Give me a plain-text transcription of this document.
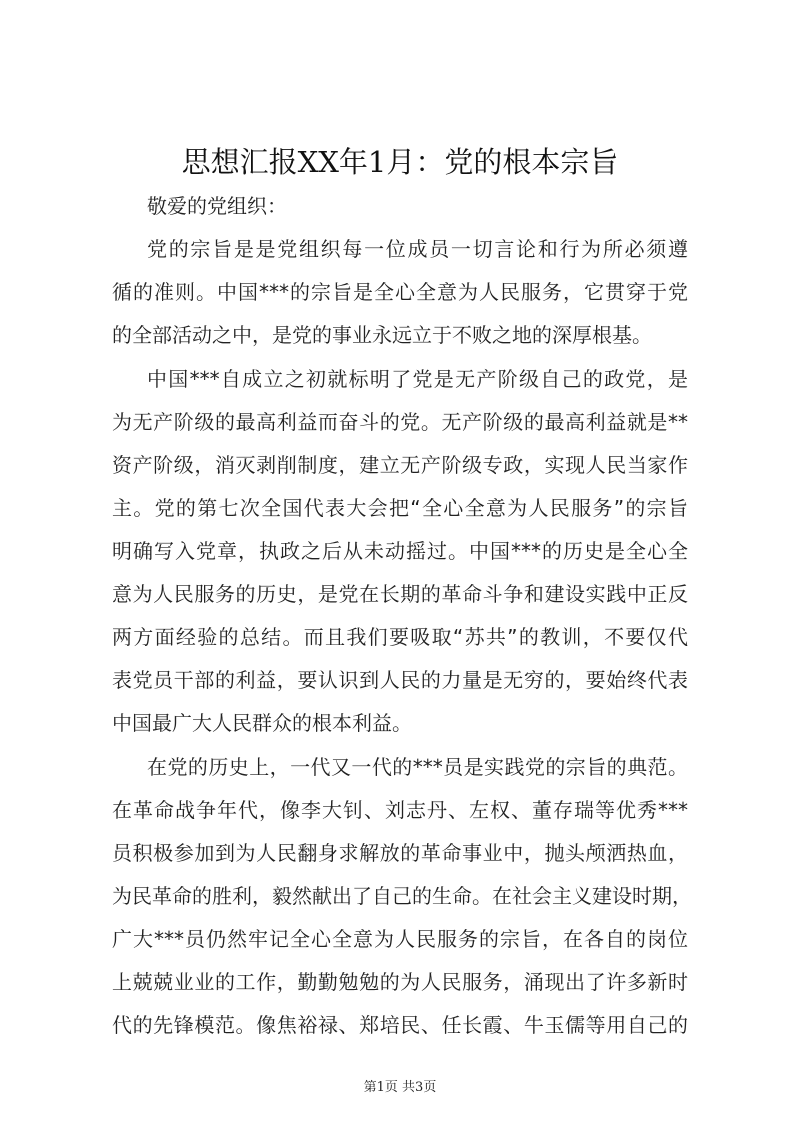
思想汇报XX年1月：党的根本宗旨
敬爱的党组织：
党的宗旨是是党组织每一位成员一切言论和行为所必须遵
循的准则。中国***的宗旨是全心全意为人民服务，它贯穿于党
的全部活动之中，是党的事业永远立于不败之地的深厚根基。
中国***自成立之初就标明了党是无产阶级自己的政党，是
为无产阶级的最高利益而奋斗的党。无产阶级的最高利益就是**
资产阶级，消灭剥削制度，建立无产阶级专政，实现人民当家作
主。党的第七次全国代表大会把“全心全意为人民服务”的宗旨
明确写入党章，执政之后从未动摇过。中国***的历史是全心全
意为人民服务的历史，是党在长期的革命斗争和建设实践中正反
两方面经验的总结。而且我们要吸取“苏共”的教训，不要仅代
表党员干部的利益，要认识到人民的力量是无穷的，要始终代表
中国最广大人民群众的根本利益。
在党的历史上，一代又一代的***员是实践党的宗旨的典范。
在革命战争年代，像李大钊、刘志丹、左权、董存瑞等优秀***
员积极参加到为人民翻身求解放的革命事业中，抛头颅洒热血，
为民革命的胜利，毅然献出了自己的生命。在社会主义建设时期，
广大***员仍然牢记全心全意为人民服务的宗旨，在各自的岗位
上兢兢业业的工作，勤勤勉勉的为人民服务，涌现出了许多新时
代的先锋模范。像焦裕禄、郑培民、任长霞、牛玉儒等用自己的
第1页 共3页
